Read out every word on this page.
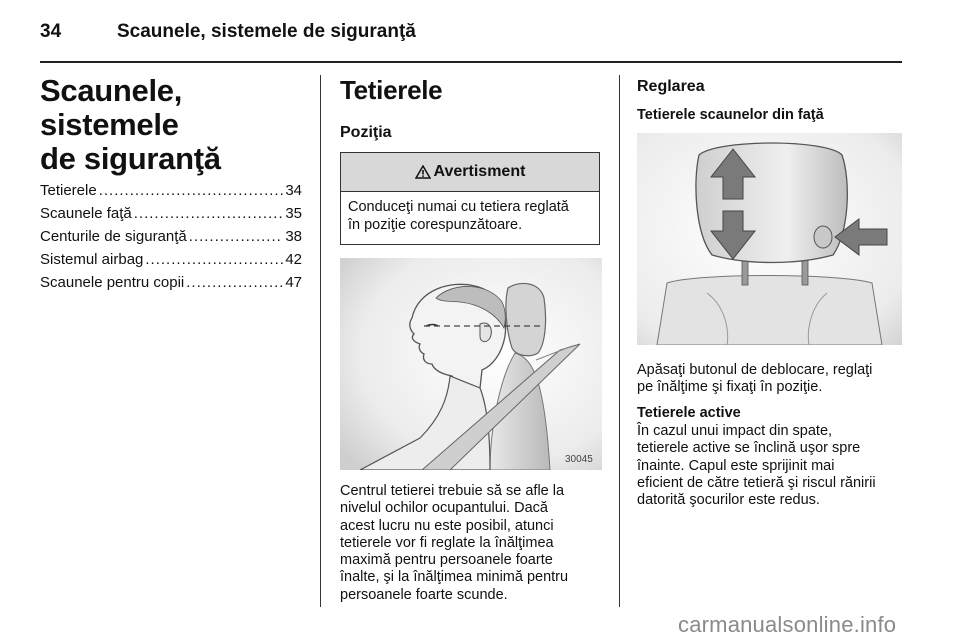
34	Scaunele, sistemele de siguranţă
Scaunele, sistemele
de siguranţă
Tetierele .....	34
Scaunele faţă .....	35
Centurile de siguranţă .....	38
Sistemul airbag .....	42
Scaunele pentru copii .....	47
Tetierele
Poziţia
Avertisment
Conduceţi numai cu tetiera reglată
în poziţie corespunzătoare.
30045
Centrul tetierei trebuie să se afle la
nivelul ochilor ocupantului. Dacă
acest lucru nu este posibil, atunci
tetierele vor fi reglate la înălţimea
maximă pentru persoanele foarte
înalte, şi la înălţimea minimă pentru
persoanele foarte scunde.
Reglarea
Tetierele scaunelor din faţă
Apăsaţi butonul de deblocare, reglaţi
pe înălţime şi fixaţi în poziţie.
Tetierele active
În cazul unui impact din spate,
tetierele active se înclină uşor spre
înainte. Capul este sprijinit mai
eficient de către tetieră şi riscul rănirii
datorită şocurilor este redus.
carmanualsonline.info
